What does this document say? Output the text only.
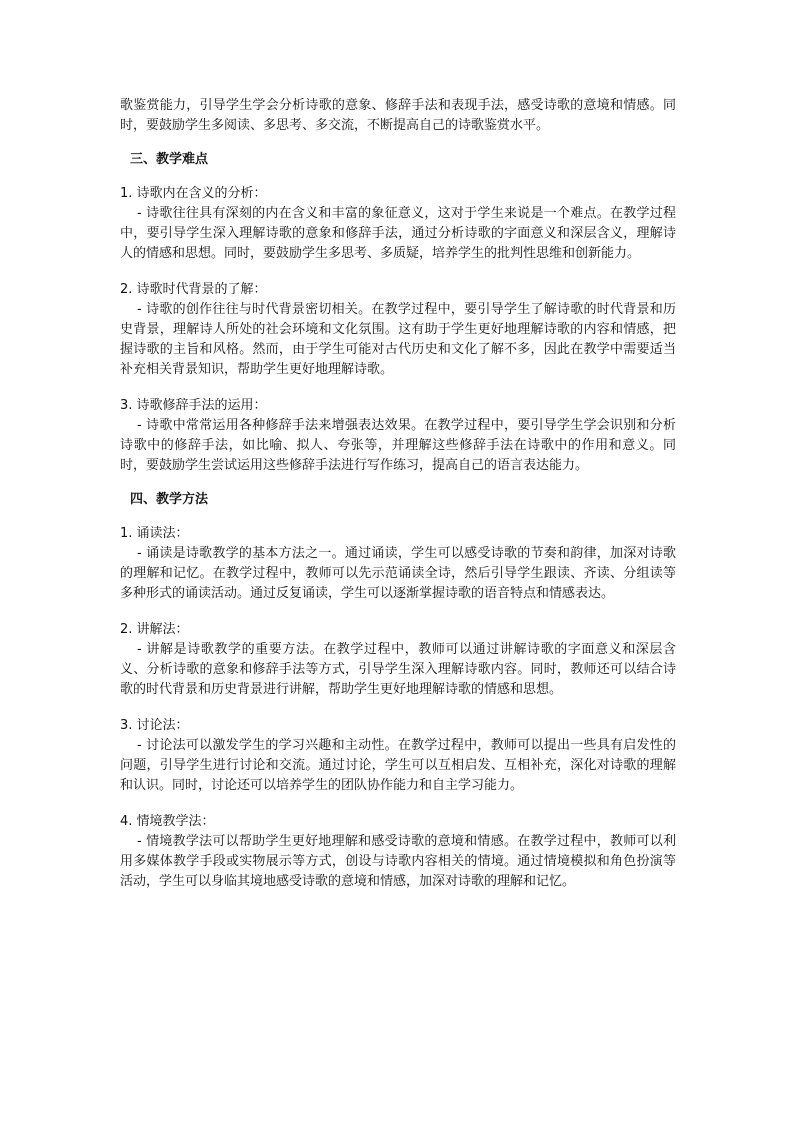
歌鉴赏能力，引导学生学会分析诗歌的意象、修辞手法和表现手法，感受诗歌的意境和情感。同时，要鼓励学生多阅读、多思考、多交流，不断提高自己的诗歌鉴赏水平。

三、教学难点

1. 诗歌内在含义的分析：

- 诗歌往往具有深刻的内在含义和丰富的象征意义，这对于学生来说是一个难点。在教学过程中，要引导学生深入理解诗歌的意象和修辞手法，通过分析诗歌的字面意义和深层含义，理解诗人的情感和思想。同时，要鼓励学生多思考、多质疑，培养学生的批判性思维和创新能力。

2. 诗歌时代背景的了解：

- 诗歌的创作往往与时代背景密切相关。在教学过程中，要引导学生了解诗歌的时代背景和历史背景，理解诗人所处的社会环境和文化氛围。这有助于学生更好地理解诗歌的内容和情感，把握诗歌的主旨和风格。然而，由于学生可能对古代历史和文化了解不多，因此在教学中需要适当补充相关背景知识，帮助学生更好地理解诗歌。

3. 诗歌修辞手法的运用：

- 诗歌中常常运用各种修辞手法来增强表达效果。在教学过程中，要引导学生学会识别和分析诗歌中的修辞手法，如比喻、拟人、夸张等，并理解这些修辞手法在诗歌中的作用和意义。同时，要鼓励学生尝试运用这些修辞手法进行写作练习，提高自己的语言表达能力。

四、教学方法

1. 诵读法：

- 诵读是诗歌教学的基本方法之一。通过诵读，学生可以感受诗歌的节奏和韵律，加深对诗歌的理解和记忆。在教学过程中，教师可以先示范诵读全诗，然后引导学生跟读、齐读、分组读等多种形式的诵读活动。通过反复诵读，学生可以逐渐掌握诗歌的语音特点和情感表达。

2. 讲解法：

- 讲解是诗歌教学的重要方法。在教学过程中，教师可以通过讲解诗歌的字面意义和深层含义、分析诗歌的意象和修辞手法等方式，引导学生深入理解诗歌内容。同时，教师还可以结合诗歌的时代背景和历史背景进行讲解，帮助学生更好地理解诗歌的情感和思想。

3. 讨论法：

- 讨论法可以激发学生的学习兴趣和主动性。在教学过程中，教师可以提出一些具有启发性的问题，引导学生进行讨论和交流。通过讨论，学生可以互相启发、互相补充，深化对诗歌的理解和认识。同时，讨论还可以培养学生的团队协作能力和自主学习能力。

4. 情境教学法：

- 情境教学法可以帮助学生更好地理解和感受诗歌的意境和情感。在教学过程中，教师可以利用多媒体教学手段或实物展示等方式，创设与诗歌内容相关的情境。通过情境模拟和角色扮演等活动，学生可以身临其境地感受诗歌的意境和情感，加深对诗歌的理解和记忆。
